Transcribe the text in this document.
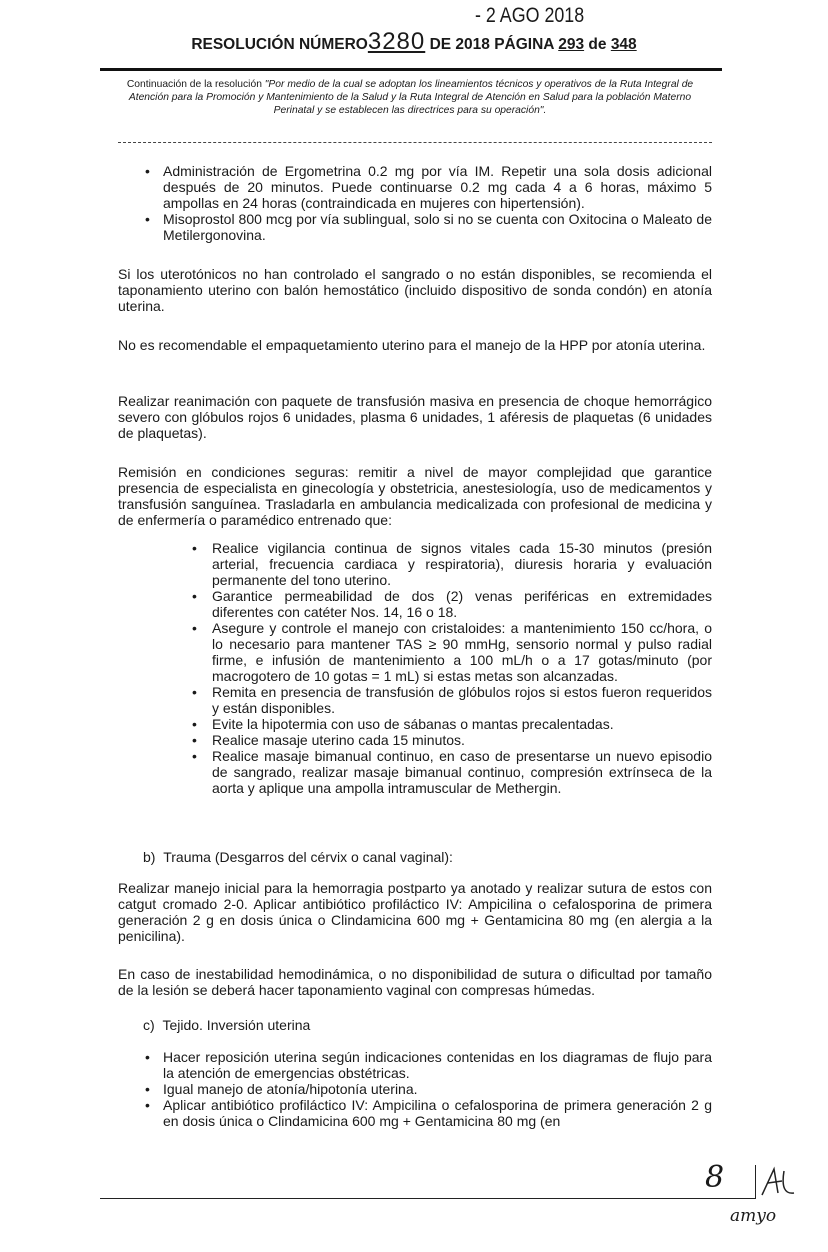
- 2 AGO 2018
RESOLUCIÓN NÚMERO3280 DE 2018 PÁGINA 293 de 348
Continuación de la resolución "Por medio de la cual se adoptan los lineamientos técnicos y operativos de la Ruta Integral de Atención para la Promoción y Mantenimiento de la Salud y la Ruta Integral de Atención en Salud para la población Materno Perinatal y se establecen las directrices para su operación".
• Administración de Ergometrina 0.2 mg por vía IM. Repetir una sola dosis adicional después de 20 minutos. Puede continuarse 0.2 mg cada 4 a 6 horas, máximo 5 ampollas en 24 horas (contraindicada en mujeres con hipertensión).
• Misoprostol 800 mcg por vía sublingual, solo si no se cuenta con Oxitocina o Maleato de Metilergonovina.
Si los uterotónicos no han controlado el sangrado o no están disponibles, se recomienda el taponamiento uterino con balón hemostático (incluido dispositivo de sonda condón) en atonía uterina.
No es recomendable el empaquetamiento uterino para el manejo de la HPP por atonía uterina.
Realizar reanimación con paquete de transfusión masiva en presencia de choque hemorrágico severo con glóbulos rojos 6 unidades, plasma 6 unidades, 1 aféresis de plaquetas (6 unidades de plaquetas).
Remisión en condiciones seguras: remitir a nivel de mayor complejidad que garantice presencia de especialista en ginecología y obstetricia, anestesiología, uso de medicamentos y transfusión sanguínea. Trasladarla en ambulancia medicalizada con profesional de medicina y de enfermería o paramédico entrenado que:
• Realice vigilancia continua de signos vitales cada 15-30 minutos (presión arterial, frecuencia cardiaca y respiratoria), diuresis horaria y evaluación permanente del tono uterino.
• Garantice permeabilidad de dos (2) venas periféricas en extremidades diferentes con catéter Nos. 14, 16 o 18.
• Asegure y controle el manejo con cristaloides: a mantenimiento 150 cc/hora, o lo necesario para mantener TAS ≥ 90 mmHg, sensorio normal y pulso radial firme, e infusión de mantenimiento a 100 mL/h o a 17 gotas/minuto (por macrogotero de 10 gotas = 1 mL) si estas metas son alcanzadas.
• Remita en presencia de transfusión de glóbulos rojos si estos fueron requeridos y están disponibles.
• Evite la hipotermia con uso de sábanas o mantas precalentadas.
• Realice masaje uterino cada 15 minutos.
• Realice masaje bimanual continuo, en caso de presentarse un nuevo episodio de sangrado, realizar masaje bimanual continuo, compresión extrínseca de la aorta y aplique una ampolla intramuscular de Methergin.
b) Trauma (Desgarros del cérvix o canal vaginal):
Realizar manejo inicial para la hemorragia postparto ya anotado y realizar sutura de estos con catgut cromado 2-0. Aplicar antibiótico profiláctico IV: Ampicilina o cefalosporina de primera generación 2 g en dosis única o Clindamicina 600 mg + Gentamicina 80 mg (en alergia a la penicilina).
En caso de inestabilidad hemodinámica, o no disponibilidad de sutura o dificultad por tamaño de la lesión se deberá hacer taponamiento vaginal con compresas húmedas.
c) Tejido. Inversión uterina
• Hacer reposición uterina según indicaciones contenidas en los diagramas de flujo para la atención de emergencias obstétricas.
• Igual manejo de atonía/hipotonía uterina.
• Aplicar antibiótico profiláctico IV: Ampicilina o cefalosporina de primera generación 2 g en dosis única o Clindamicina 600 mg + Gentamicina 80 mg (en
8
amyo
